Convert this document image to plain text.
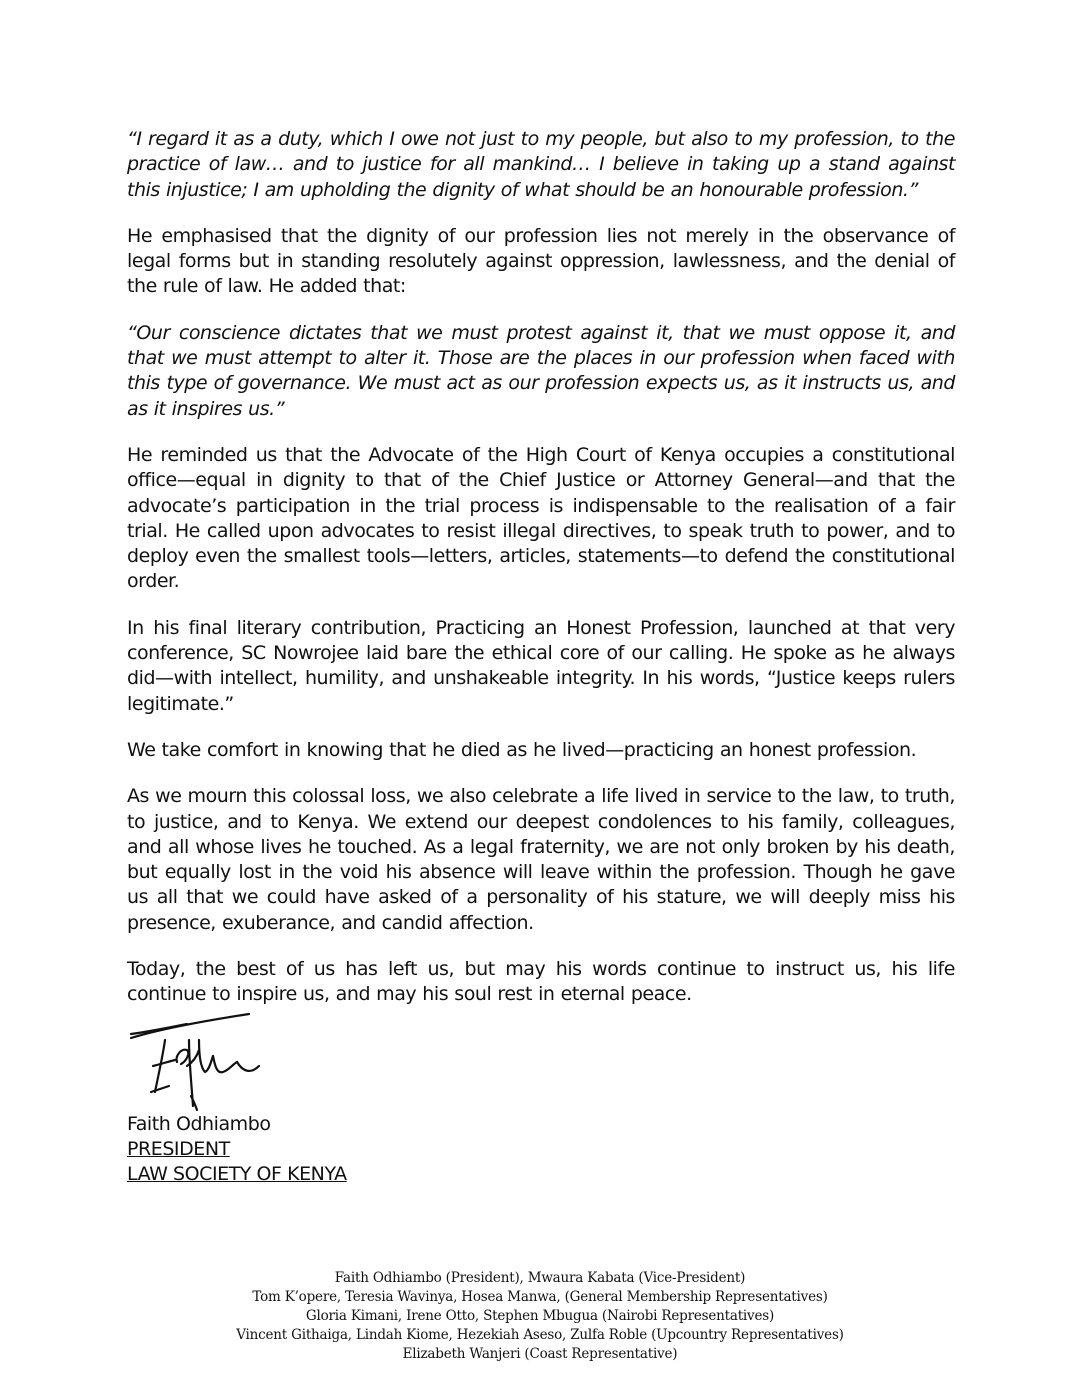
“I regard it as a duty, which I owe not just to my people, but also to my profession, to the practice of law… and to justice for all mankind… I believe in taking up a stand against this injustice; I am upholding the dignity of what should be an honourable profession.”

He emphasised that the dignity of our profession lies not merely in the observance of legal forms but in standing resolutely against oppression, lawlessness, and the denial of the rule of law. He added that:

“Our conscience dictates that we must protest against it, that we must oppose it, and that we must attempt to alter it. Those are the places in our profession when faced with this type of governance. We must act as our profession expects us, as it instructs us, and as it inspires us.”

He reminded us that the Advocate of the High Court of Kenya occupies a constitutional office—equal in dignity to that of the Chief Justice or Attorney General—and that the advocate’s participation in the trial process is indispensable to the realisation of a fair trial. He called upon advocates to resist illegal directives, to speak truth to power, and to deploy even the smallest tools—letters, articles, statements—to defend the constitutional order.

In his final literary contribution, Practicing an Honest Profession, launched at that very conference, SC Nowrojee laid bare the ethical core of our calling. He spoke as he always did—with intellect, humility, and unshakeable integrity. In his words, “Justice keeps rulers legitimate.”

We take comfort in knowing that he died as he lived—practicing an honest profession.

As we mourn this colossal loss, we also celebrate a life lived in service to the law, to truth, to justice, and to Kenya. We extend our deepest condolences to his family, colleagues, and all whose lives he touched. As a legal fraternity, we are not only broken by his death, but equally lost in the void his absence will leave within the profession. Though he gave us all that we could have asked of a personality of his stature, we will deeply miss his presence, exuberance, and candid affection.

Today, the best of us has left us, but may his words continue to instruct us, his life continue to inspire us, and may his soul rest in eternal peace.

Faith Odhiambo

PRESIDENT

LAW SOCIETY OF KENYA

Faith Odhiambo (President), Mwaura Kabata (Vice-President)
Tom K’opere, Teresia Wavinya, Hosea Manwa, (General Membership Representatives)
Gloria Kimani, Irene Otto, Stephen Mbugua (Nairobi Representatives)
Vincent Githaiga, Lindah Kiome, Hezekiah Aseso, Zulfa Roble (Upcountry Representatives)
Elizabeth Wanjeri (Coast Representative)
